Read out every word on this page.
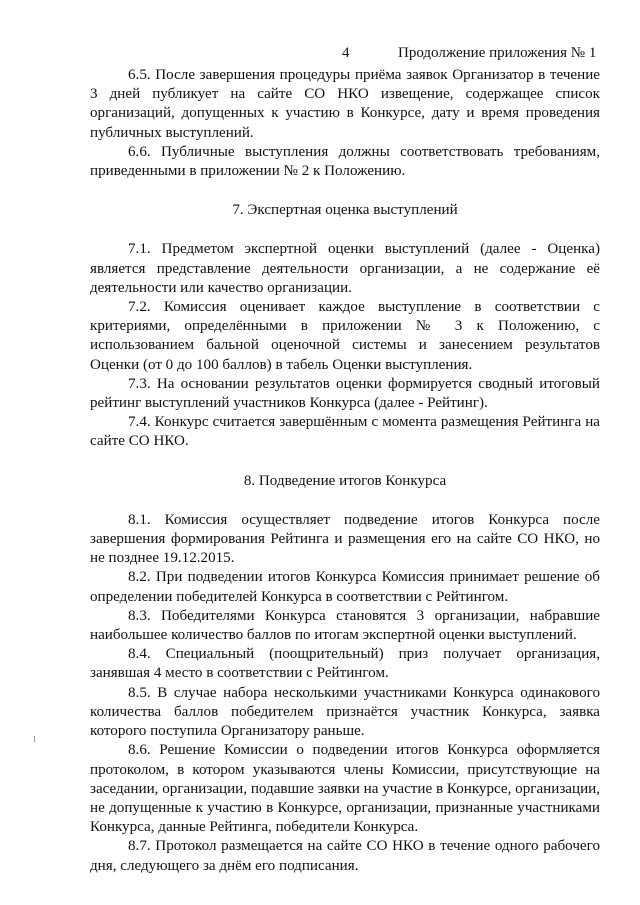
4	Продолжение приложения № 1

6.5. После завершения процедуры приёма заявок Организатор в течение 3 дней публикует на сайте СО НКО извещение, содержащее список организаций, допущенных к участию в Конкурсе, дату и время проведения публичных выступлений.

6.6. Публичные выступления должны соответствовать требованиям, приведенными в приложении № 2 к Положению.

7. Экспертная оценка выступлений

7.1. Предметом экспертной оценки выступлений (далее - Оценка) является представление деятельности организации, а не содержание её деятельности или качество организации.

7.2. Комиссия оценивает каждое выступление в соответствии с критериями, определёнными в приложении № 3 к Положению, с использованием бальной оценочной системы и занесением результатов Оценки (от 0 до 100 баллов) в табель Оценки выступления.

7.3. На основании результатов оценки формируется сводный итоговый рейтинг выступлений участников Конкурса (далее - Рейтинг).

7.4. Конкурс считается завершённым с момента размещения Рейтинга на сайте СО НКО.

8. Подведение итогов Конкурса

8.1. Комиссия осуществляет подведение итогов Конкурса после завершения формирования Рейтинга и размещения его на сайте СО НКО, но не позднее 19.12.2015.

8.2. При подведении итогов Конкурса Комиссия принимает решение об определении победителей Конкурса в соответствии с Рейтингом.

8.3. Победителями Конкурса становятся 3 организации, набравшие наибольшее количество баллов по итогам экспертной оценки выступлений.

8.4. Специальный (поощрительный) приз получает организация, занявшая 4 место в соответствии с Рейтингом.

8.5. В случае набора несколькими участниками Конкурса одинакового количества баллов победителем признаётся участник Конкурса, заявка которого поступила Организатору раньше.

8.6. Решение Комиссии о подведении итогов Конкурса оформляется протоколом, в котором указываются члены Комиссии, присутствующие на заседании, организации, подавшие заявки на участие в Конкурсе, организации, не допущенные к участию в Конкурсе, организации, признанные участниками Конкурса, данные Рейтинга, победители Конкурса.

8.7. Протокол размещается на сайте СО НКО в течение одного рабочего дня, следующего за днём его подписания.
